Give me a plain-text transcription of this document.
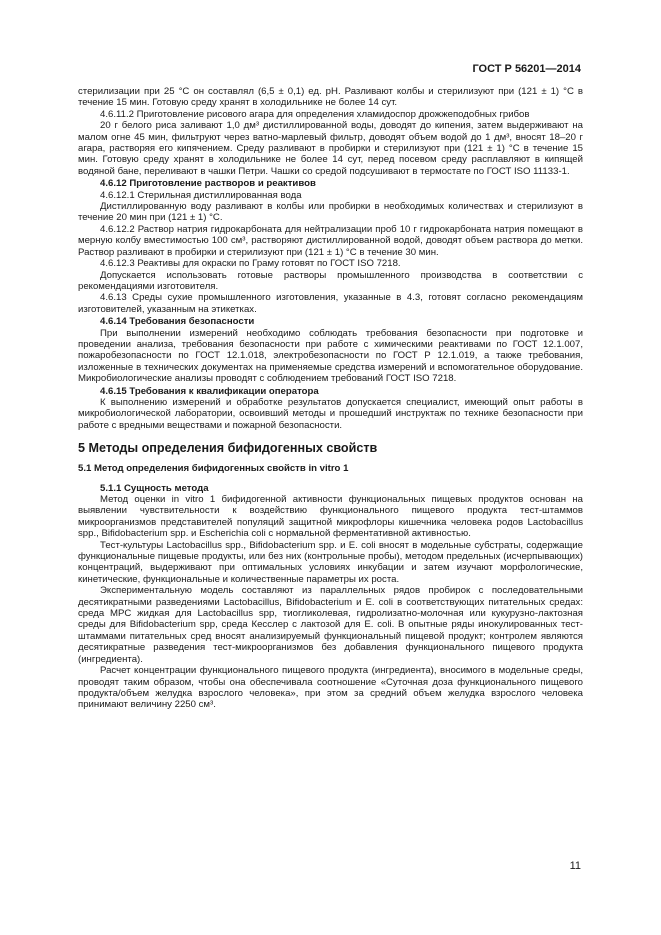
ГОСТ Р 56201—2014

стерилизации при 25 °С он составлял (6,5 ± 0,1) ед. рН. Разливают колбы и стерилизуют при (121 ± 1) °С в течение 15 мин. Готовую среду хранят в холодильнике не более 14 сут.

4.6.11.2 Приготовление рисового агара для определения хламидоспор дрожжеподобных грибов

20 г белого риса заливают 1,0 дм³ дистиллированной воды, доводят до кипения, затем выдерживают на малом огне 45 мин, фильтруют через ватно-марлевый фильтр, доводят объем водой до 1 дм³, вносят 18–20 г агара, растворяя его кипячением. Среду разливают в пробирки и стерилизуют при (121 ± 1) °С в течение 15 мин. Готовую среду хранят в холодильнике не более 14 сут, перед посевом среду расплавляют в кипящей водяной бане, переливают в чашки Петри. Чашки со средой подсушивают в термостате по ГОСТ ISO 11133-1.

4.6.12 Приготовление растворов и реактивов

4.6.12.1 Стерильная дистиллированная вода

Дистиллированную воду разливают в колбы или пробирки в необходимых количествах и стерилизуют в течение 20 мин при (121 ± 1) °С.

4.6.12.2 Раствор натрия гидрокарбоната для нейтрализации проб 10 г гидрокарбоната натрия помещают в мерную колбу вместимостью 100 см³, растворяют дистиллированной водой, доводят объем раствора до метки. Раствор разливают в пробирки и стерилизуют при (121 ± 1) °С в течение 30 мин.

4.6.12.3 Реактивы для окраски по Граму готовят по ГОСТ ISO 7218.

Допускается использовать готовые растворы промышленного производства в соответствии с рекомендациями изготовителя.

4.6.13 Среды сухие промышленного изготовления, указанные в 4.3, готовят согласно рекомендациям изготовителей, указанным на этикетках.

4.6.14 Требования безопасности

При выполнении измерений необходимо соблюдать требования безопасности при подготовке и проведении анализа, требования безопасности при работе с химическими реактивами по ГОСТ 12.1.007, пожаробезопасности по ГОСТ 12.1.018, электробезопасности по ГОСТ Р 12.1.019, а также требования, изложенные в технических документах на применяемые средства измерений и вспомогательное оборудование. Микробиологические анализы проводят с соблюдением требований ГОСТ ISO 7218.

4.6.15 Требования к квалификации оператора

К выполнению измерений и обработке результатов допускается специалист, имеющий опыт работы в микробиологической лаборатории, освоивший методы и прошедший инструктаж по технике безопасности при работе с вредными веществами и пожарной безопасности.

5 Методы определения бифидогенных свойств

5.1 Метод определения бифидогенных свойств in vitro 1

5.1.1 Сущность метода

Метод оценки in vitro 1 бифидогенной активности функциональных пищевых продуктов основан на выявлении чувствительности к воздействию функционального пищевого продукта тест-штаммов микроорганизмов представителей популяций защитной микрофлоры кишечника человека родов Lactobacillus spp., Bifidobacterium spp. и Escherichia coli с нормальной ферментативной активностью.

Тест-культуры Lactobacillus spp., Bifidobacterium spp. и E. coli вносят в модельные субстраты, содержащие функциональные пищевые продукты, или без них (контрольные пробы), методом предельных (исчерпывающих) концентраций, выдерживают при оптимальных условиях инкубации и затем изучают морфологические, кинетические, функциональные и количественные параметры их роста.

Экспериментальную модель составляют из параллельных рядов пробирок с последовательными десятикратными разведениями Lactobacillus, Bifidobacterium и E. coli в соответствующих питательных средах: среда МРС жидкая для Lactobacillus spp, тиогликолевая, гидролизатно-молочная или кукурузно-лактозная среды для Bifidobacterium spp, среда Кесслер с лактозой для E. coli. В опытные ряды инокулированных тест-штаммами питательных сред вносят анализируемый функциональный пищевой продукт; контролем являются десятикратные разведения тест-микроорганизмов без добавления функционального пищевого продукта (ингредиента).

Расчет концентрации функционального пищевого продукта (ингредиента), вносимого в модельные среды, проводят таким образом, чтобы она обеспечивала соотношение «Суточная доза функционального пищевого продукта/объем желудка взрослого человека», при этом за средний объем желудка взрослого человека принимают величину 2250 см³.

11
